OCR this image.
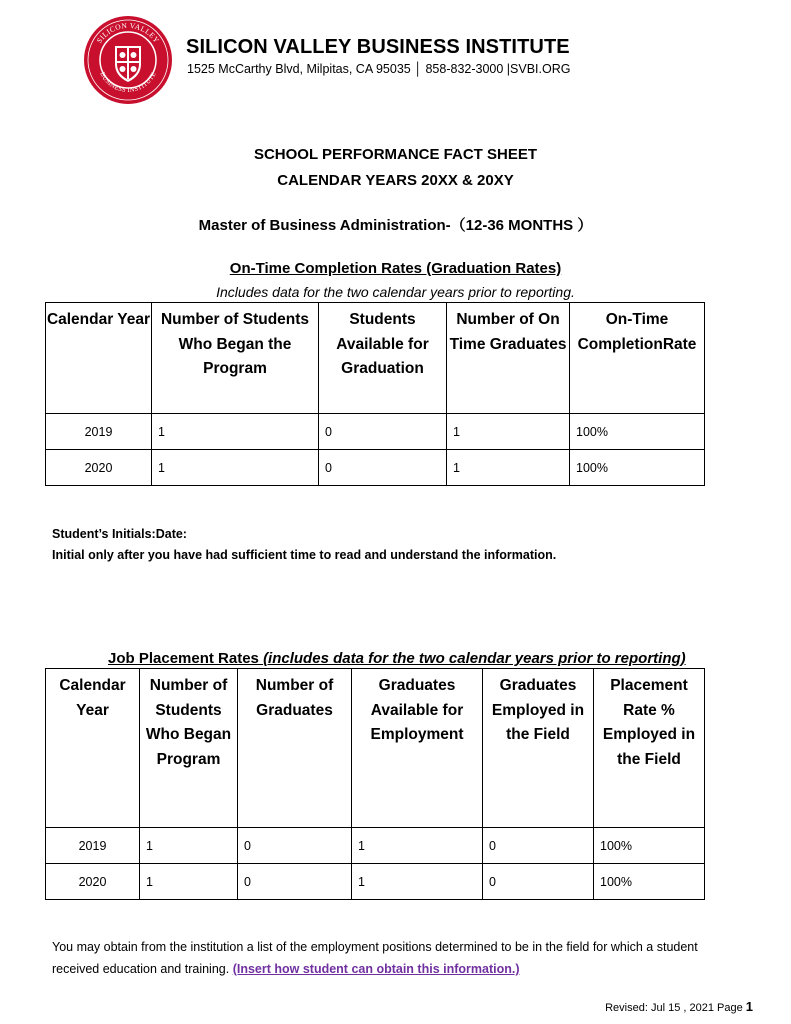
SILICON VALLEY
BUSINESS INSTITUTE
SILICON VALLEY BUSINESS INSTITUTE
1525 McCarthy Blvd, Milpitas, CA 95035 │ 858-832-3000 |SVBI.ORG
SCHOOL PERFORMANCE FACT SHEET
CALENDAR YEARS 20XX & 20XY
Master of Business Administration-（12-36 MONTHS ）
On-Time Completion Rates (Graduation Rates)
Includes data for the two calendar years prior to reporting.
Calendar Year	Number of Students Who Began the Program	Students Available for Graduation	Number of On Time Graduates	On-Time CompletionRate
2019	1	0	1	100%
2020	1	0	1	100%
Student’s Initials:Date:
Initial only after you have had sufficient time to read and understand the information.
Job Placement Rates (includes data for the two calendar years prior to reporting)
Calendar Year	Number of Students Who Began Program	Number of Graduates	Graduates Available for Employment	Graduates Employed in the Field	Placement Rate % Employed in the Field
2019	1	0	1	0	100%
2020	1	0	1	0	100%
You may obtain from the institution a list of the employment positions determined to be in the field for which a student
received education and training. (Insert how student can obtain this information.)
Revised: Jul 15 , 2021 Page 1
